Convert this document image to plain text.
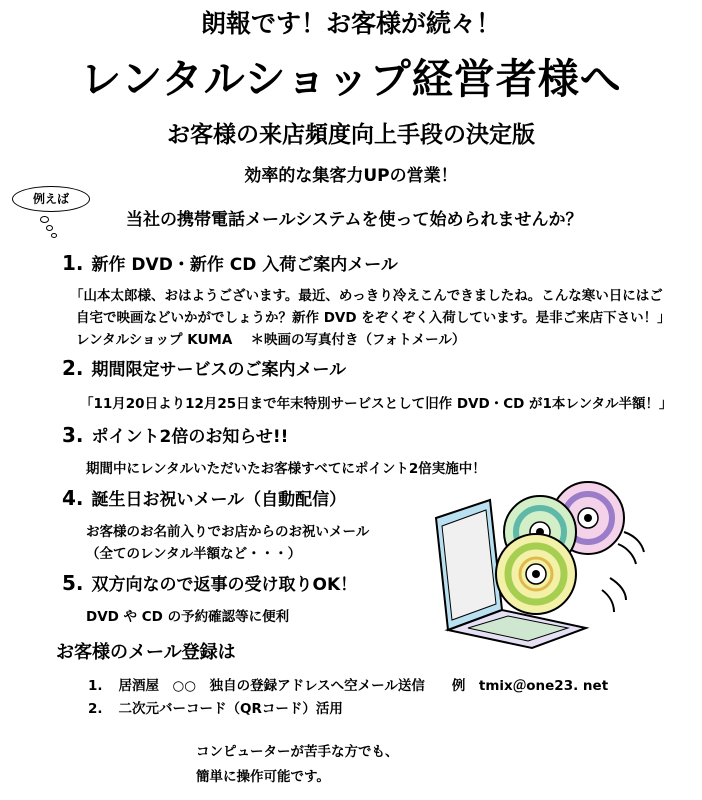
朗報です！お客様が続々！
レンタルショップ経営者様へ
お客様の来店頻度向上手段の決定版
効率的な集客力UPの営業！
例えば
当社の携帯電話メールシステムを使って始められませんか？
1. 新作 DVD・新作 CD 入荷ご案内メール
「山本太郎様、おはようございます。最近、めっきり冷えこんできましたね。こんな寒い日にはご
自宅で映画などいかがでしょうか？新作 DVD をぞくぞく入荷しています。是非ご来店下さい！」
レンタルショップ KUMA　 ＊映画の写真付き（フォトメール）
2. 期間限定サービスのご案内メール
「11月20日より12月25日まで年末特別サービスとして旧作 DVD・CD が1本レンタル半額！」
3. ポイント2倍のお知らせ!!
期間中にレンタルいただいたお客様すべてにポイント2倍実施中！
4. 誕生日お祝いメール（自動配信）
お客様のお名前入りでお店からのお祝いメール
（全てのレンタル半額など・・・）
5. 双方向なので返事の受け取りOK！
DVD や CD の予約確認等に便利
お客様のメール登録は
1. 居酒屋　○○　独自の登録アドレスへ空メール送信　　例　tmix＠one23. net
2. 二次元バーコード（QRコード）活用
コンピューターが苦手な方でも、
簡単に操作可能です。
